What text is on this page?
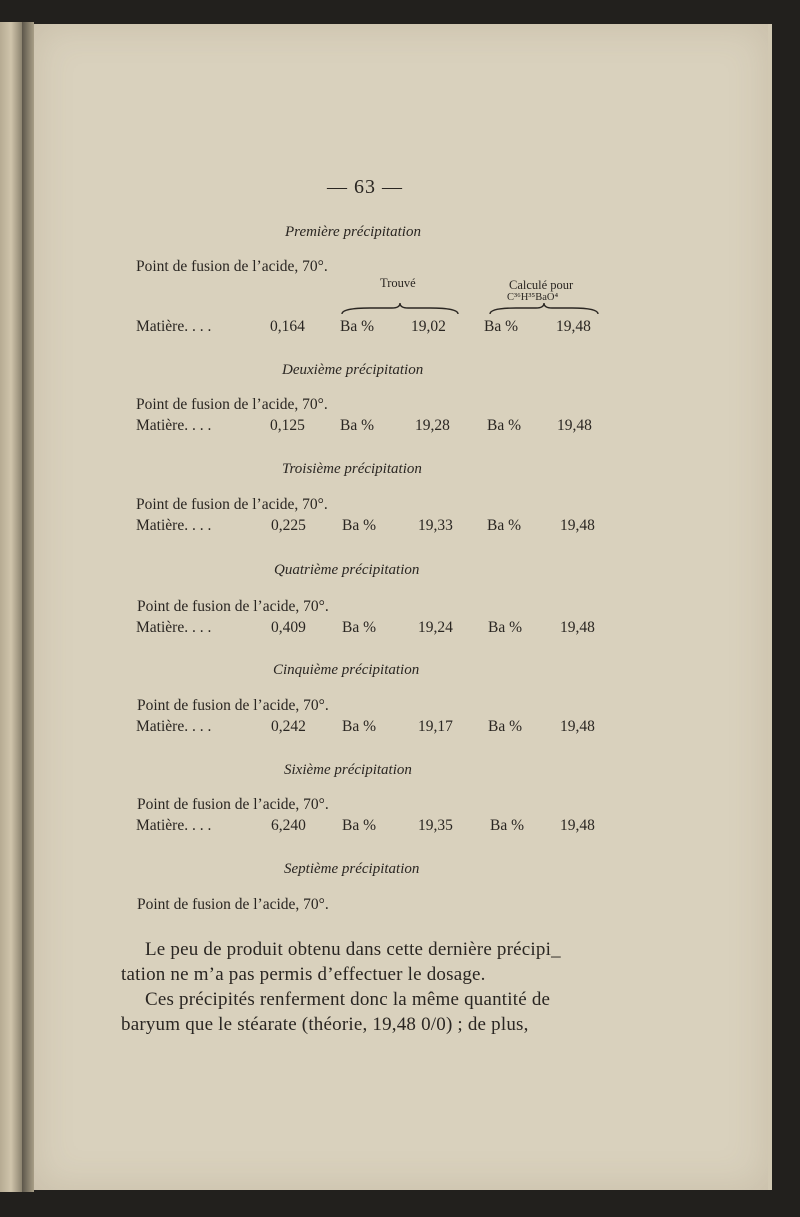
— 63 —
Première précipitation
Point de fusion de l’acide, 70°.
Trouvé	Calculé pour
C³⁶H³⁵BaO⁴
Matière. . . .	0,164 Ba % 19,02 Ba % 19,48
Deuxième précipitation
Point de fusion de l’acide, 70°.
Matière. . . .	0,125 Ba %	19,28 Ba % 19,48
Troisième précipitation
Point de fusion de l’acide, 70°.
Matière. . . .	0,225 Ba %	19,33 Ba %	19,48
Quatrième précipitation
Point de fusion de l’acide, 70°.
Matière. . . .	0,409 Ba %	19,24 Ba % 19,48
Cinquième précipitation
Point de fusion de l’acide, 70°.
Matière. . . .	0,242 Ba %	19,17 Ba % 19,48
Sixième précipitation
Point de fusion de l’acide, 70°.
Matière. . . .	6,240 Ba %	19,35 Ba % 19,48
Septième précipitation
Point de fusion de l’acide, 70°.
Le peu de produit obtenu dans cette dernière précipi_
tation ne m’a pas permis d’effectuer le dosage.
Ces précipités renferment donc la même quantité de
baryum que le stéarate (théorie, 19,48 0/0) ; de plus,
